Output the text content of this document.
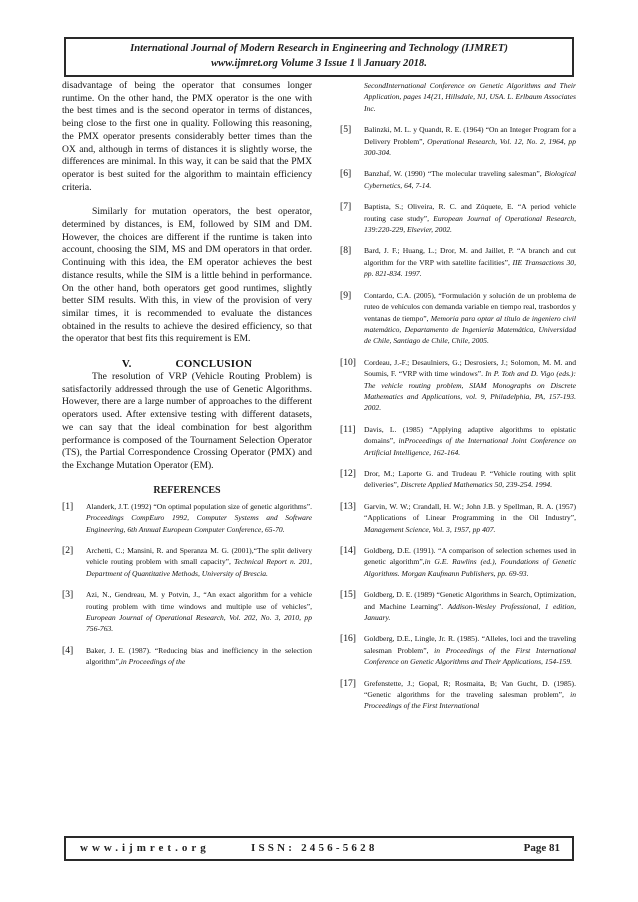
International Journal of Modern Research in Engineering and Technology (IJMRET)
www.ijmret.org Volume 3 Issue 1 ǁ January 2018.

disadvantage of being the operator that consumes longer runtime. On the other hand, the PMX operator is the one with the best times and is the second operator in terms of distances, being close to the first one in quality. Following this reasoning, the PMX operator presents considerably better times than the OX and, although in terms of distances it is slightly worse, the differences are minimal. In this way, it can be said that the PMX operator is best suited for the algorithm to maintain efficiency criteria.

Similarly for mutation operators, the best operator, determined by distances, is EM, followed by SIM and DM. However, the choices are different if the runtime is taken into account, choosing the SIM, MS and DM operators in that order. Continuing with this idea, the EM operator achieves the best distance results, while the SIM is a little behind in performance. On the other hand, both operators get good runtimes, slightly better SIM results. With this, in view of the provision of very similar times, it is recommended to evaluate the distances obtained in the results to achieve the desired efficiency, so that the operator that best fits this requirement is EM.

V.	CONCLUSION

The resolution of VRP (Vehicle Routing Problem) is satisfactorily addressed through the use of Genetic Algorithms. However, there are a large number of approaches to the different operators used. After extensive testing with different datasets, we can say that the ideal combination for best algorithm performance is composed of the Tournament Selection Operator (TS), the Partial Correspondence Crossing Operator (PMX) and the Exchange Mutation Operator (EM).

REFERENCES
[1]	Alanderk, J.T. (1992) “On optimal population size of genetic algorithms”. Proceedings CompEuro 1992, Computer Systems and Software Engineering, 6th Annual European Computer Conference, 65-70.
[2]	Archetti, C.; Mansini, R. and Speranza M. G. (2001),“The split delivery vehicle routing problem with small capacity”, Technical Report n. 201, Department of Quantitative Methods, University of Brescia.
[3]	Azi, N., Gendreau, M. y Potvin, J., “An exact algorithm for a vehicle routing problem with time windows and multiple use of vehicles”, European Journal of Operational Research, Vol. 202, No. 3, 2010, pp 756-763.
[4]	Baker, J. E. (1987). “Reducing bias and inefficiency in the selection algorithm”,in Proceedings of the

SecondInternational Conference on Genetic Algorithms and Their Application, pages 14{21, Hillsdale, NJ, USA. L. Erlbaum Associates Inc.

[5]	Balinzki, M. L. y Quandt, R. E. (1964) “On an Integer Program for a Delivery Problem”, Operational Research, Vol. 12, No. 2, 1964, pp 300-304.
[6]	Banzhaf, W. (1990) “The molecular traveling salesman”, Biological Cybernetics, 64, 7-14.
[7]	Baptista, S.; Oliveira, R. C. and Zúquete, E. “A period vehicle routing case study”, European Journal of Operational Research, 139:220-229, Elsevier, 2002.
[8]	Bard, J. F.; Huang, L.; Dror, M. and Jaillet, P. “A branch and cut algorithm for the VRP with satellite facilities”, IIE Transactions 30, pp. 821-834. 1997.
[9]	Contardo, C.A. (2005), “Formulación y solución de un problema de ruteo de vehículos con demanda variable en tiempo real, trasbordos y ventanas de tiempo”, Memoria para optar al título de ingeniero civil matemático, Departamento de Ingeniería Matemática, Universidad de Chile, Santiago de Chile, Chile, 2005.
[10]	Cordeau, J.-F.; Desaulniers, G.; Desrosiers, J.; Solomon, M. M. and Soumis, F. “VRP with time windows”. In P. Toth and D. Vigo (eds.): The vehicle routing problem, SIAM Monographs on Discrete Mathematics and Applications, vol. 9, Philadelphia, PA, 157-193. 2002.
[11]	Davis, L. (1985) “Applying adaptive algorithms to epistatic domains”, inProceedings of the International Joint Conference on Artificial Intelligence, 162-164.
[12]	Dror, M.; Laporte G. and Trudeau P. “Vehicle routing with split deliveries”, Discrete Applied Mathematics 50, 239-254. 1994.
[13]	Garvin, W. W.; Crandall, H. W.; John J.B. y Spellman, R. A. (1957) “Applications of Linear Programming in the Oil Industry”, Management Science, Vol. 3, 1957, pp 407.
[14]	Goldberg, D.E. (1991). “A comparison of selection schemes used in genetic algorithm”,in G.E. Rawlins (ed.), Foundations of Genetic Algorithms. Morgan Kaufmann Publishers, pp. 69-93.
[15]	Goldberg, D. E. (1989) “Genetic Algorithms in Search, Optimization, and Machine Learning”. Addison-Wesley Professional, 1 edition, January.
[16]	Goldberg, D.E., Lingle, Jr. R. (1985). “Alleles, loci and the traveling salesman Problem”, in Proceedings of the First International Conference on Genetic Algorithms and Their Applications, 154-159.
[17]	Grefenstette, J.; Gopal, R; Rosmaita, B; Van Gucht, D. (1985). “Genetic algorithms for the traveling salesman problem”, in Proceedings of the First International
www.ijmret.org	ISSN: 2456-5628	Page 81
